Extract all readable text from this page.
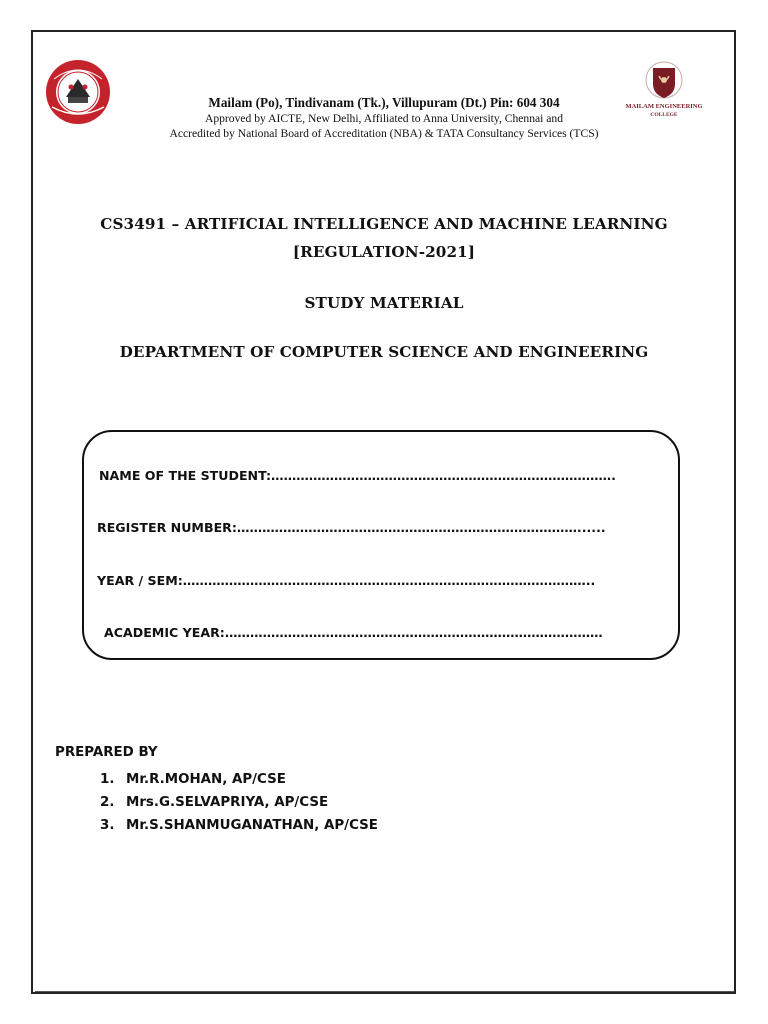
MAILAM ENGINEERING
COLLEGE
Mailam (Po), Tindivanam (Tk.), Villupuram (Dt.) Pin: 604 304
Approved by AICTE, New Delhi, Affiliated to Anna University, Chennai and
Accredited by National Board of Accreditation (NBA) & TATA Consultancy Services (TCS)
CS3491 – ARTIFICIAL INTELLIGENCE AND MACHINE LEARNING
[REGULATION-2021]
STUDY MATERIAL
DEPARTMENT OF COMPUTER SCIENCE AND ENGINEERING
NAME OF THE STUDENT:……………………………………………………………………….
REGISTER NUMBER:………………………………………………………………………......
YEAR / SEM:……………………………………………………………………………………..
ACADEMIC YEAR:………………………………………………………………………………
PREPARED BY
1. Mr.R.MOHAN, AP/CSE
2. Mrs.G.SELVAPRIYA, AP/CSE
3. Mr.S.SHANMUGANATHAN, AP/CSE
